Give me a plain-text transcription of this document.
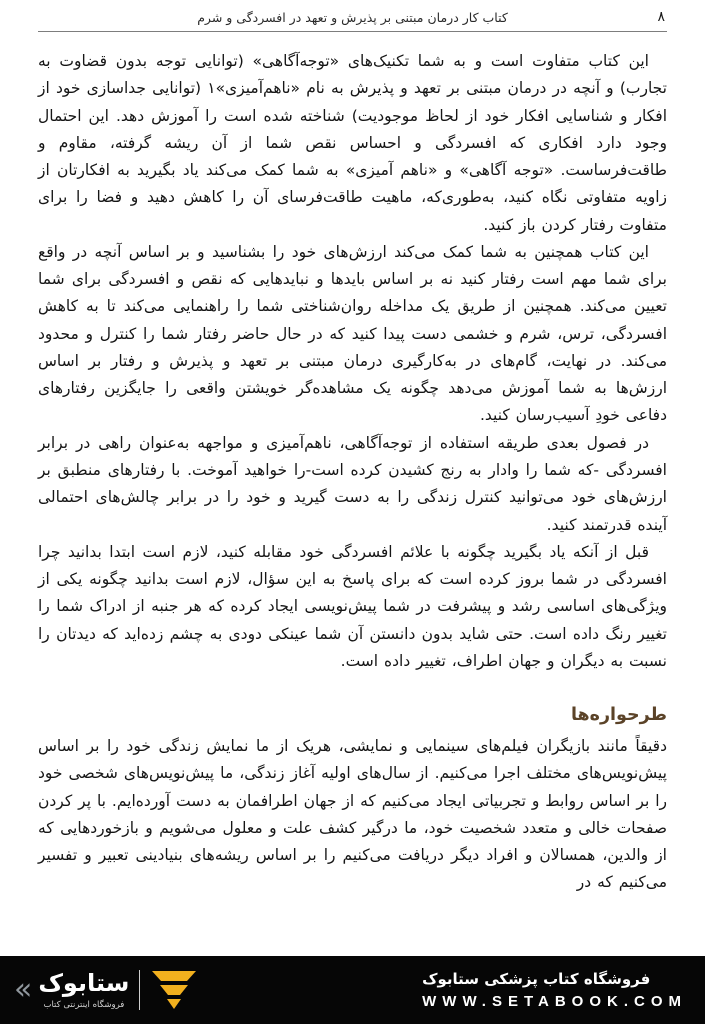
کتاب کار درمان مبتنی بر پذیرش و تعهد در افسردگی و شرم	۸

این کتاب متفاوت است و به شما تکنیک‌های «توجه‌آگاهی» (توانایی توجه بدون قضاوت به تجارب) و آنچه در درمان مبتنی بر تعهد و پذیرش به نام «ناهم‌آمیزی»۱ (توانایی جداسازی خود از افکار و شناسایی افکار خود از لحاظ موجودیت) شناخته شده است را آموزش دهد. این احتمال وجود دارد افکاری که افسردگی و احساس نقص شما از آن ریشه گرفته، مقاوم و طاقت‌فرساست. «توجه آگاهی» و «ناهم آمیزی» به شما کمک می‌کند یاد بگیرید به افکارتان از زاویه متفاوتی نگاه کنید، به‌طوری‌که، ماهیت طاقت‌فرسای آن را کاهش دهید و فضا را برای متفاوت رفتار کردن باز کنید.

این کتاب همچنین به شما کمک می‌کند ارزش‌های خود را بشناسید و بر اساس آنچه در واقع برای شما مهم است رفتار کنید نه بر اساس بایدها و نبایدهایی که نقص و افسردگی برای شما تعیین می‌کند. همچنین از طریق یک مداخله روان‌شناختی شما را راهنمایی می‌کند تا به کاهش افسردگی، ترس، شرم و خشمی دست پیدا کنید که در حال حاضر رفتار شما را کنترل و محدود می‌کند. در نهایت، گام‌های در به‌کارگیری درمان مبتنی بر تعهد و پذیرش و رفتار بر اساس ارزش‌ها به شما آموزش می‌دهد چگونه یک مشاهده‌گر خویشتن واقعی را جایگزین رفتارهای دفاعی خودِ آسیب‌رسان کنید.

در فصول بعدی طریقه استفاده از توجه‌آگاهی، ناهم‌آمیزی و مواجهه به‌عنوان راهی در برابر افسردگی -که شما را وادار به رنج کشیدن کرده است-را خواهید آموخت. با رفتارهای منطبق بر ارزش‌های خود می‌توانید کنترل زندگی را به دست گیرید و خود را در برابر چالش‌های احتمالی آینده قدرتمند کنید.

قبل از آنکه یاد بگیرید چگونه با علائم افسردگی خود مقابله کنید، لازم است ابتدا بدانید چرا افسردگی در شما بروز کرده است که برای پاسخ به این سؤال، لازم است بدانید چگونه یکی از ویژگی‌های اساسی رشد و پیشرفت در شما پیش‌نویسی ایجاد کرده که هر جنبه از ادراک شما را تغییر رنگ داده است. حتی شاید بدون دانستن آن شما عینکی دودی به چشم زده‌اید که دیدتان را نسبت به دیگران و جهان اطراف، تغییر داده است.

طرحواره‌ها

دقیقاً مانند بازیگران فیلم‌های سینمایی و نمایشی، هریک از ما نمایش زندگی خود را بر اساس پیش‌نویس‌های مختلف اجرا می‌کنیم. از سال‌های اولیه آغاز زندگی، ما پیش‌نویس‌های شخصی خود را بر اساس روابط و تجربیاتی ایجاد می‌کنیم که از جهان اطرافمان به دست آورده‌ایم. با پر کردن صفحات خالی و متعدد شخصیت خود، ما درگیر کشف علت و معلول می‌شویم و بازخوردهایی که از والدین، همسالان و افراد دیگر دریافت می‌کنیم را بر اساس ریشه‌های بنیادینی تعبیر و تفسیر می‌کنیم که در

« ستابوک
فروشگاه اینترنتی کتاب
فروشگاه کتاب پزشکی ستابوک
WWW.SETABOOK.COM
